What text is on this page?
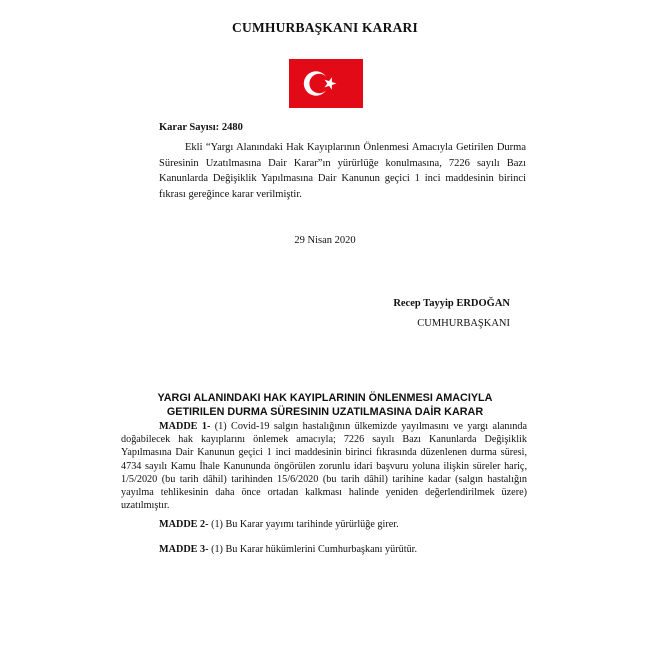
CUMHURBAŞKANI KARARI
Karar Sayısı: 2480
Ekli “Yargı Alanındaki Hak Kayıplarının Önlenmesi Amacıyla Getirilen Durma Süresinin Uzatılmasına Dair Karar”ın yürürlüğe konulmasına, 7226 sayılı Bazı Kanunlarda Değişiklik Yapılmasına Dair Kanunun geçici 1 inci maddesinin birinci fıkrası gereğince karar verilmiştir.
29 Nisan 2020
Recep Tayyip ERDOĞAN
CUMHURBAŞKANI
YARGI ALANINDAKI HAK KAYIPLARININ ÖNLENMESI AMACIYLA
GETIRILEN DURMA SÜRESININ UZATILMASINA DAİR KARAR
MADDE 1- (1) Covid-19 salgın hastalığının ülkemizde yayılmasını ve yargı alanında doğabilecek hak kayıplarını önlemek amacıyla; 7226 sayılı Bazı Kanunlarda Değişiklik Yapılmasına Dair Kanunun geçici 1 inci maddesinin birinci fıkrasında düzenlenen durma süresi, 4734 sayılı Kamu İhale Kanununda öngörülen zorunlu idari başvuru yoluna ilişkin süreler hariç, 1/5/2020 (bu tarih dâhil) tarihinden 15/6/2020 (bu tarih dâhil) tarihine kadar (salgın hastalığın yayılma tehlikesinin daha önce ortadan kalkması halinde yeniden değerlendirilmek üzere) uzatılmıştır.
MADDE 2- (1) Bu Karar yayımı tarihinde yürürlüğe girer.
MADDE 3- (1) Bu Karar hükümlerini Cumhurbaşkanı yürütür.
